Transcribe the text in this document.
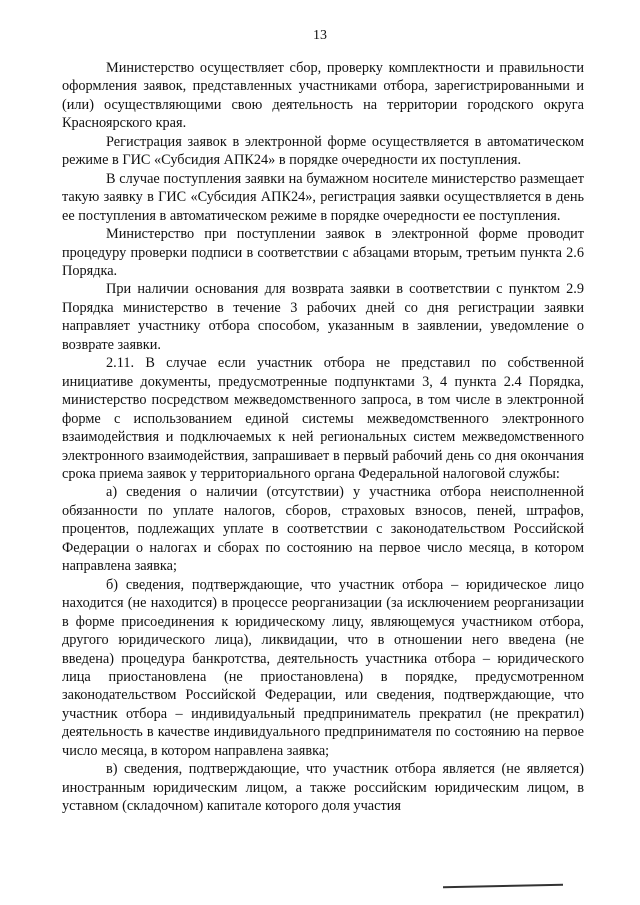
13

Министерство осуществляет сбор, проверку комплектности и правильности оформления заявок, представленных участниками отбора, зарегистрированными и (или) осуществляющими свою деятельность на территории городского округа Красноярского края.

Регистрация заявок в электронной форме осуществляется в автоматическом режиме в ГИС «Субсидия АПК24» в порядке очередности их поступления.

В случае поступления заявки на бумажном носителе министерство размещает такую заявку в ГИС «Субсидия АПК24», регистрация заявки осуществляется в день ее поступления в автоматическом режиме в порядке очередности ее поступления.

Министерство при поступлении заявок в электронной форме проводит процедуру проверки подписи в соответствии с абзацами вторым, третьим пункта 2.6 Порядка.

При наличии основания для возврата заявки в соответствии с пунктом 2.9 Порядка министерство в течение 3 рабочих дней со дня регистрации заявки направляет участнику отбора способом, указанным в заявлении, уведомление о возврате заявки.

2.11. В случае если участник отбора не представил по собственной инициативе документы, предусмотренные подпунктами 3, 4 пункта 2.4 Порядка, министерство посредством межведомственного запроса, в том числе в электронной форме с использованием единой системы межведомственного электронного взаимодействия и подключаемых к ней региональных систем межведомственного электронного взаимодействия, запрашивает в первый рабочий день со дня окончания срока приема заявок у территориального органа Федеральной налоговой службы:

а) сведения о наличии (отсутствии) у участника отбора неисполненной обязанности по уплате налогов, сборов, страховых взносов, пеней, штрафов, процентов, подлежащих уплате в соответствии с законодательством Российской Федерации о налогах и сборах по состоянию на первое число месяца, в котором направлена заявка;

б) сведения, подтверждающие, что участник отбора – юридическое лицо находится (не находится) в процессе реорганизации (за исключением реорганизации в форме присоединения к юридическому лицу, являющемуся участником отбора, другого юридического лица), ликвидации, что в отношении него введена (не введена) процедура банкротства, деятельность участника отбора – юридического лица приостановлена (не приостановлена) в порядке, предусмотренном законодательством Российской Федерации, или сведения, подтверждающие, что участник отбора – индивидуальный предприниматель прекратил (не прекратил) деятельность в качестве индивидуального предпринимателя по состоянию на первое число месяца, в котором направлена заявка;

в) сведения, подтверждающие, что участник отбора является (не является) иностранным юридическим лицом, а также российским юридическим лицом, в уставном (складочном) капитале которого доля участия
